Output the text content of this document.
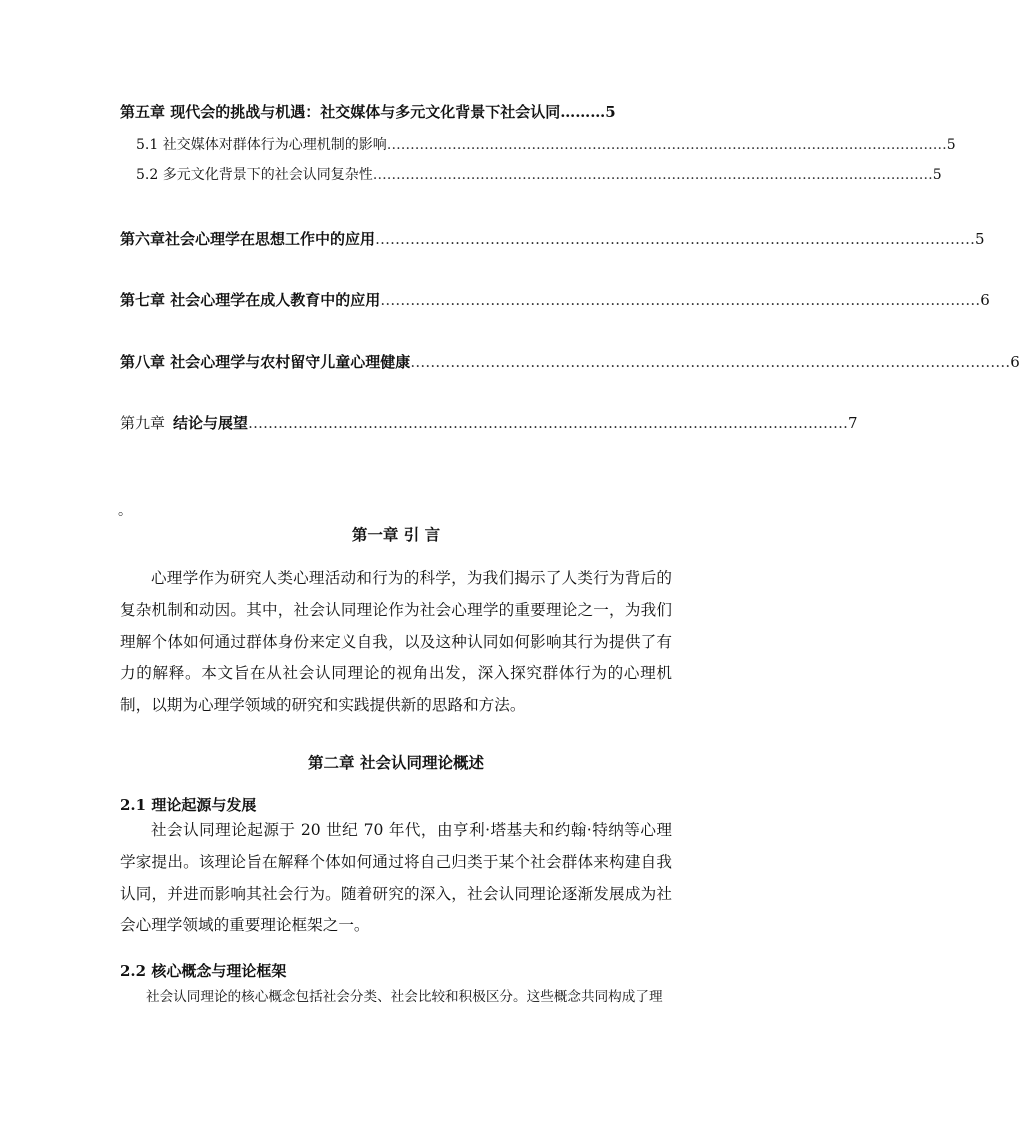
第五章 现代会的挑战与机遇：社交媒体与多元文化背景下社会认同……… 5
5.1 社交媒体对群体行为心理机制的影响 ………………………………………………………………………………………………………… 5
5.2 多元文化背景下的社会认同复杂性 ………………………………………………………………………………………………………… 5
第六章社会心理学在思想工作中的应用 ………………………………………………………………………………………………………… 5
第七章 社会心理学在成人教育中的应用 ………………………………………………………………………………………………………… 6
第八章 社会心理学与农村留守儿童心理健康 ………………………………………………………………………………………………………… 6
第九章 结论与展望 ………………………………………………………………………………………………………… 7
。
第一章 引 言
心理学作为研究人类心理活动和行为的科学，为我们揭示了人类行为背后的复杂机制和动因。其中，社会认同理论作为社会心理学的重要理论之一，为我们理解个体如何通过群体身份来定义自我，以及这种认同如何影响其行为提供了有力的解释。本文旨在从社会认同理论的视角出发，深入探究群体行为的心理机制，以期为心理学领域的研究和实践提供新的思路和方法。
第二章 社会认同理论概述
2.1 理论起源与发展
社会认同理论起源于 20 世纪 70 年代，由亨利·塔基夫和约翰·特纳等心理学家提出。该理论旨在解释个体如何通过将自己归类于某个社会群体来构建自我认同，并进而影响其社会行为。随着研究的深入，社会认同理论逐渐发展成为社会心理学领域的重要理论框架之一。
2.2 核心概念与理论框架
社会认同理论的核心概念包括社会分类、社会比较和积极区分。这些概念共同构成了理
